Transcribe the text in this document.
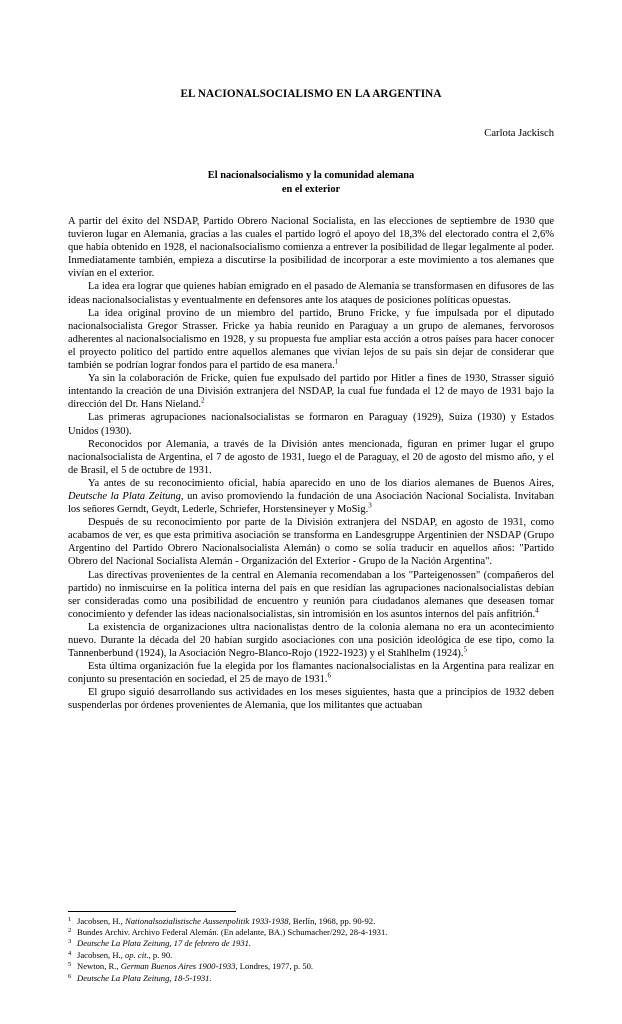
EL NACIONALSOCIALISMO EN LA ARGENTINA
Carlota Jackisch
El nacionalsocialismo y la comunidad alemana
en el exterior

A partir del éxito del NSDAP, Partido Obrero Nacional Socialista, en las elecciones de septiembre de 1930 que tuvieron lugar en Alemania, gracias a las cuales el partido logró el apoyo del 18,3% del electorado contra el 2,6% que había obtenido en 1928, el nacionalsocialismo comienza a entrever la posibilidad de llegar legalmente al poder. Inmediatamente también, empieza a discutirse la posibilidad de incorporar a este movimiento a tos alemanes que vivían en el exterior.

La idea era lograr que quienes habían emigrado en el pasado de Alemania se transformasen en difusores de las ideas nacionalsocialistas y eventualmente en defensores ante los ataques de posiciones políticas opuestas.

La idea original provino de un miembro del partido, Bruno Fricke, y fue impulsada por el diputado nacionalsocialista Gregor Strasser. Fricke ya había reunido en Paraguay a un grupo de alemanes, fervorosos adherentes al nacionalsocialismo en 1928, y su propuesta fue ampliar esta acción a otros países para hacer conocer el proyecto político del partido entre aquellos alemanes que vivían lejos de su país sin dejar de considerar que también se podrían lograr fondos para el partido de esa manera.$^1$

Ya sin la colaboración de Fricke, quien fue expulsado del partido por Hitler a fines de 1930, Strasser siguió intentando la creación de una División extranjera del NSDAP, la cual fue fundada el 12 de mayo de 1931 bajo la dirección del Dr. Hans Nieland.$^2$

Las primeras agrupaciones nacionalsocialistas se formaron en Paraguay (1929), Suiza (1930) y Estados Unidos (1930).

Reconocidos por Alemania, a través de la División antes mencionada, figuran en primer lugar el grupo nacionalsocialista de Argentina, el 7 de agosto de 1931, luego el de Paraguay, el 20 de agosto del mismo año, y el de Brasil, el 5 de octubre de 1931.

Ya antes de su reconocimiento oficial, había aparecido en uno de los diarios alemanes de Buenos Aires, Deutsche la Plata Zeitung, un aviso promoviendo la fundación de una Asociación Nacional Socialista. Invitaban los señores Gerndt, Geydt, Lederle, Schriefer, Horstensineyer y MoSig.$^3$

Después de su reconocimiento por parte de la División extranjera del NSDAP, en agosto de 1931, como acabamos de ver, es que esta primitiva asociación se transforma en Landesgruppe Argentinien der NSDAP (Grupo Argentino del Partido Obrero Nacionalsocialista Alemán) o como se solía traducir en aquellos años: "Partido Obrero del Nacional Socialista Alemán - Organización del Exterior - Grupo de la Nación Argentina".

Las directivas provenientes de la central en Alemania recomendaban a los "Parteigenossen" (compañeros del partido) no inmiscuirse en la política interna del país en que residían las agrupaciones nacionalsocialistas debían ser consideradas como una posibilidad de encuentro y reunión para ciudadanos alemanes que deseasen tomar conocimiento y defender las ideas nacionalsocialistas, sin intromisión en los asuntos internos del país anfitrión.$^4$

La existencia de organizaciones ultra nacionalistas dentro de la colonia alemana no era un acontecimiento nuevo. Durante la década del 20 habían surgido asociaciones con una posición ideológica de ese tipo, como la Tannenberbund (1924), la Asociación Negro-Blanco-Rojo (1922-1923) y el Stahlhelm (1924).$^5$

Esta última organización fue la elegida por los flamantes nacionalsocialistas en la Argentina para realizar en conjunto su presentación en sociedad, el 25 de mayo de 1931.$^6$

El grupo siguió desarrollando sus actividades en los meses siguientes, hasta que a principios de 1932 deben suspenderlas por órdenes provenientes de Alemania, que los militantes que actuaban

1 Jacobsen, H., Nationalsozialistische Aussenpolitik 1933-1938, Berlín, 1968, pp. 90-92.
2 Bundes Archiv. Archivo Federal Alemán. (En adelante, BA.) Schumacher/292, 28-4-1931.
3 Deutsche La Plata Zeitung, 17 de febrero de 1931.
4 Jacobsen, H., op. cit., p. 90.
5 Newton, R., German Buenos Aires 1900-1933, Londres, 1977, p. 50.
6 Deutsche La Plata Zeitung, 18-5-1931.
